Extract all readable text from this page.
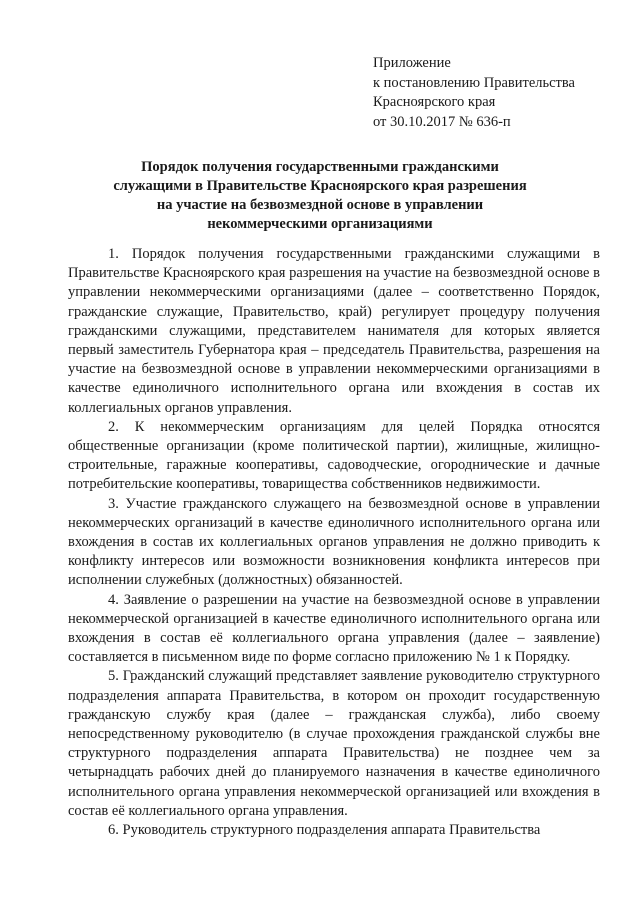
Приложение
к постановлению Правительства
Красноярского края
от 30.10.2017 № 636-п
Порядок получения государственными гражданскими
служащими в Правительстве Красноярского края разрешения
на участие на безвозмездной основе в управлении
некоммерческими организациями

1. Порядок получения государственными гражданскими служащими в Правительстве Красноярского края разрешения на участие на безвозмездной основе в управлении некоммерческими организациями (далее – соответственно Порядок, гражданские служащие, Правительство, край) регулирует процедуру получения гражданскими служащими, представителем нанимателя для которых является первый заместитель Губернатора края – председатель Правительства, разрешения на участие на безвозмездной основе в управлении некоммерческими организациями в качестве единоличного исполнительного органа или вхождения в состав их коллегиальных органов управления.

2. К некоммерческим организациям для целей Порядка относятся общественные организации (кроме политической партии), жилищные, жилищно-строительные, гаражные кооперативы, садоводческие, огороднические и дачные потребительские кооперативы, товарищества собственников недвижимости.

3. Участие гражданского служащего на безвозмездной основе в управлении некоммерческих организаций в качестве единоличного исполнительного органа или вхождения в состав их коллегиальных органов управления не должно приводить к конфликту интересов или возможности возникновения конфликта интересов при исполнении служебных (должностных) обязанностей.

4. Заявление о разрешении на участие на безвозмездной основе в управлении некоммерческой организацией в качестве единоличного исполнительного органа или вхождения в состав её коллегиального органа управления (далее – заявление) составляется в письменном виде по форме согласно приложению № 1 к Порядку.

5. Гражданский служащий представляет заявление руководителю структурного подразделения аппарата Правительства, в котором он проходит государственную гражданскую службу края (далее – гражданская служба), либо своему непосредственному руководителю (в случае прохождения гражданской службы вне структурного подразделения аппарата Правительства) не позднее чем за четырнадцать рабочих дней до планируемого назначения в качестве единоличного исполнительного органа управления некоммерческой организацией или вхождения в состав её коллегиального органа управления.

6. Руководитель структурного подразделения аппарата Правительства
